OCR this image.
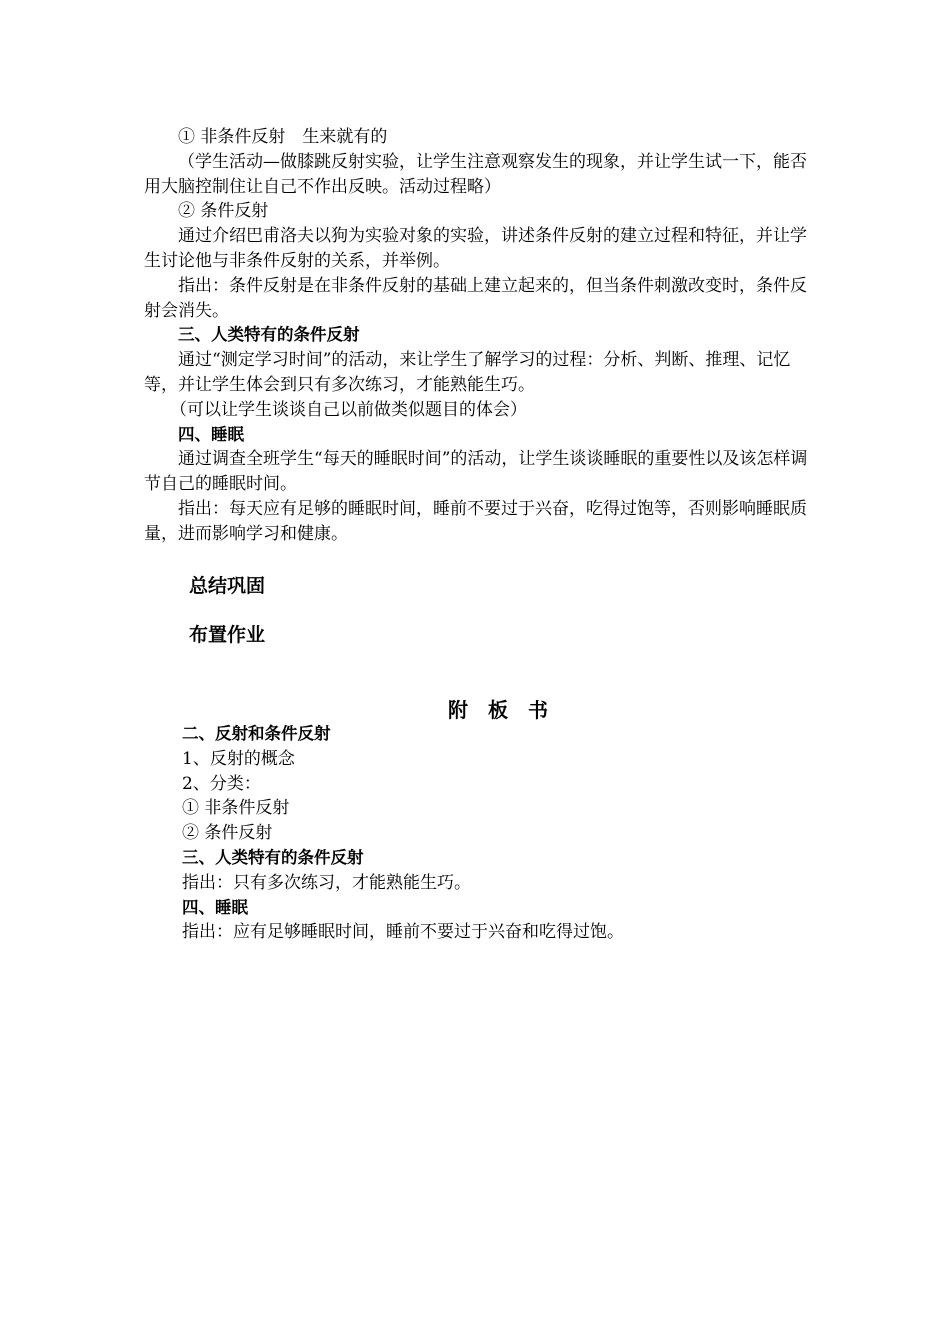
① 非条件反射　生来就有的

（学生活动—做膝跳反射实验，让学生注意观察发生的现象，并让学生试一下，能否用大脑控制住让自己不作出反映。活动过程略）

② 条件反射

通过介绍巴甫洛夫以狗为实验对象的实验，讲述条件反射的建立过程和特征，并让学生讨论他与非条件反射的关系，并举例。

指出：条件反射是在非条件反射的基础上建立起来的，但当条件刺激改变时，条件反射会消失。

三、人类特有的条件反射

通过“测定学习时间”的活动，来让学生了解学习的过程：分析、判断、推理、记忆等，并让学生体会到只有多次练习，才能熟能生巧。

（可以让学生谈谈自己以前做类似题目的体会）

四、睡眠

通过调查全班学生“每天的睡眠时间”的活动，让学生谈谈睡眠的重要性以及该怎样调节自己的睡眠时间。

指出：每天应有足够的睡眠时间，睡前不要过于兴奋，吃得过饱等，否则影响睡眠质量，进而影响学习和健康。

总结巩固

布置作业

附　板　书

二、反射和条件反射

1、反射的概念

2、分类：

① 非条件反射

② 条件反射

三、人类特有的条件反射

指出：只有多次练习，才能熟能生巧。

四、睡眠

指出：应有足够睡眠时间，睡前不要过于兴奋和吃得过饱。
